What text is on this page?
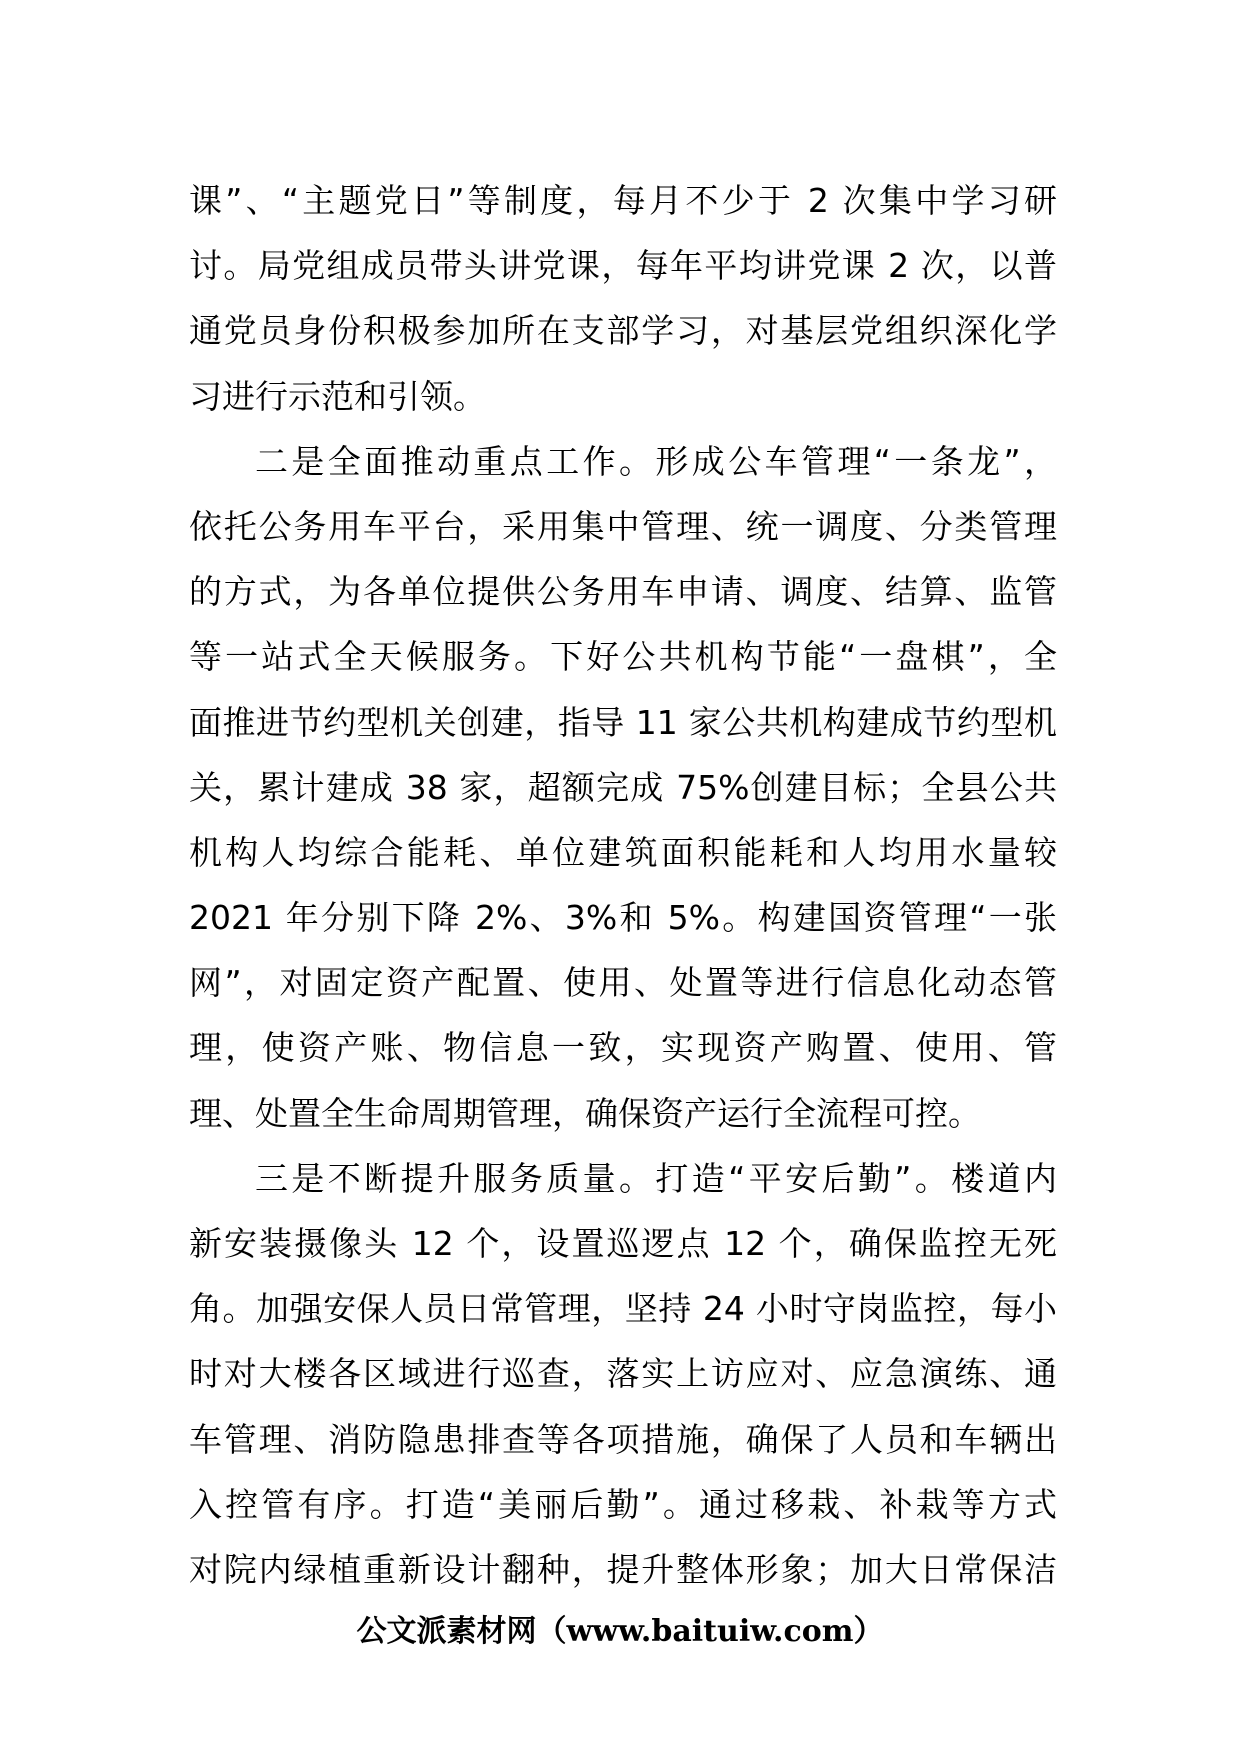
课”、“主题党日”等制度，每月不少于 2 次集中学习研
讨。局党组成员带头讲党课，每年平均讲党课 2 次，以普
通党员身份积极参加所在支部学习，对基层党组织深化学
习进行示范和引领。
二是全面推动重点工作。形成公车管理“一条龙”，
依托公务用车平台，采用集中管理、统一调度、分类管理
的方式，为各单位提供公务用车申请、调度、结算、监管
等一站式全天候服务。下好公共机构节能“一盘棋”，全
面推进节约型机关创建，指导 11 家公共机构建成节约型机
关，累计建成 38 家，超额完成 75%创建目标；全县公共
机构人均综合能耗、单位建筑面积能耗和人均用水量较
2021 年分别下降 2%、3%和 5%。构建国资管理“一张
网”，对固定资产配置、使用、处置等进行信息化动态管
理，使资产账、物信息一致，实现资产购置、使用、管
理、处置全生命周期管理，确保资产运行全流程可控。
三是不断提升服务质量。打造“平安后勤”。楼道内
新安装摄像头 12 个，设置巡逻点 12 个，确保监控无死
角。加强安保人员日常管理，坚持 24 小时守岗监控，每小
时对大楼各区域进行巡查，落实上访应对、应急演练、通
车管理、消防隐患排查等各项措施，确保了人员和车辆出
入控管有序。打造“美丽后勤”。通过移栽、补栽等方式
对院内绿植重新设计翻种，提升整体形象；加大日常保洁
公文派素材网（www.baituiw.com）
